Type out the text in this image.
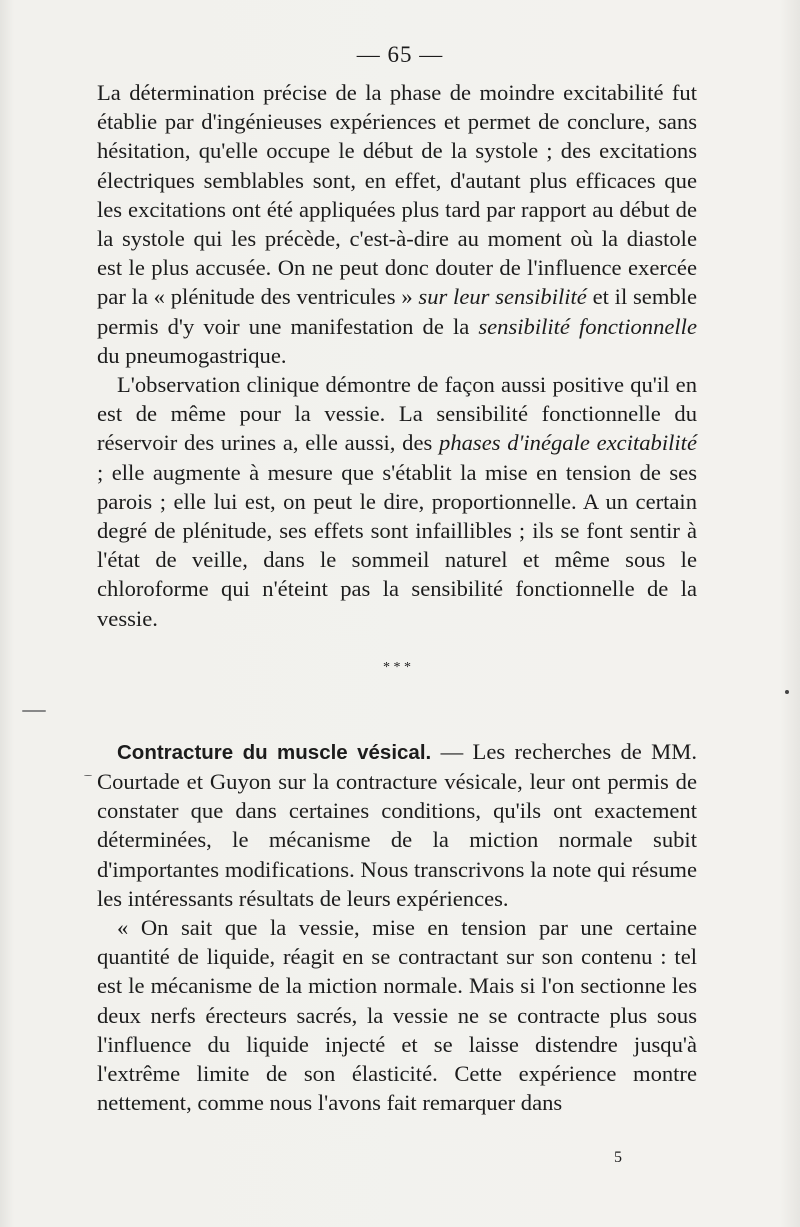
— 65 —

La détermination précise de la phase de moindre excitabilité fut établie par d'ingénieuses expériences et permet de conclure, sans hésitation, qu'elle occupe le début de la systole ; des excitations électriques semblables sont, en effet, d'autant plus efficaces que les excitations ont été appliquées plus tard par rapport au début de la systole qui les précède, c'est-à-dire au moment où la diastole est le plus accusée. On ne peut donc douter de l'influence exercée par la « plénitude des ventricules » sur leur sensibilité et il semble permis d'y voir une manifestation de la sensibilité fonctionnelle du pneumogastrique.

L'observation clinique démontre de façon aussi positive qu'il en est de même pour la vessie. La sensibilité fonctionnelle du réservoir des urines a, elle aussi, des phases d'inégale excitabilité ; elle augmente à mesure que s'établit la mise en tension de ses parois ; elle lui est, on peut le dire, proportionnelle. A un certain degré de plénitude, ses effets sont infaillibles ; ils se font sentir à l'état de veille, dans le sommeil naturel et même sous le chloroforme qui n'éteint pas la sensibilité fonctionnelle de la vessie.

* * *

Contracture du muscle vésical. — Les recherches de MM. Courtade et Guyon sur la contracture vésicale, leur ont permis de constater que dans certaines conditions, qu'ils ont exactement déterminées, le mécanisme de la miction normale subit d'importantes modifications. Nous transcrivons la note qui résume les intéressants résultats de leurs expériences.

« On sait que la vessie, mise en tension par une certaine quantité de liquide, réagit en se contractant sur son contenu : tel est le mécanisme de la miction normale. Mais si l'on sectionne les deux nerfs érecteurs sacrés, la vessie ne se contracte plus sous l'influence du liquide injecté et se laisse distendre jusqu'à l'extrême limite de son élasticité. Cette expérience montre nettement, comme nous l'avons fait remarquer dans

5
